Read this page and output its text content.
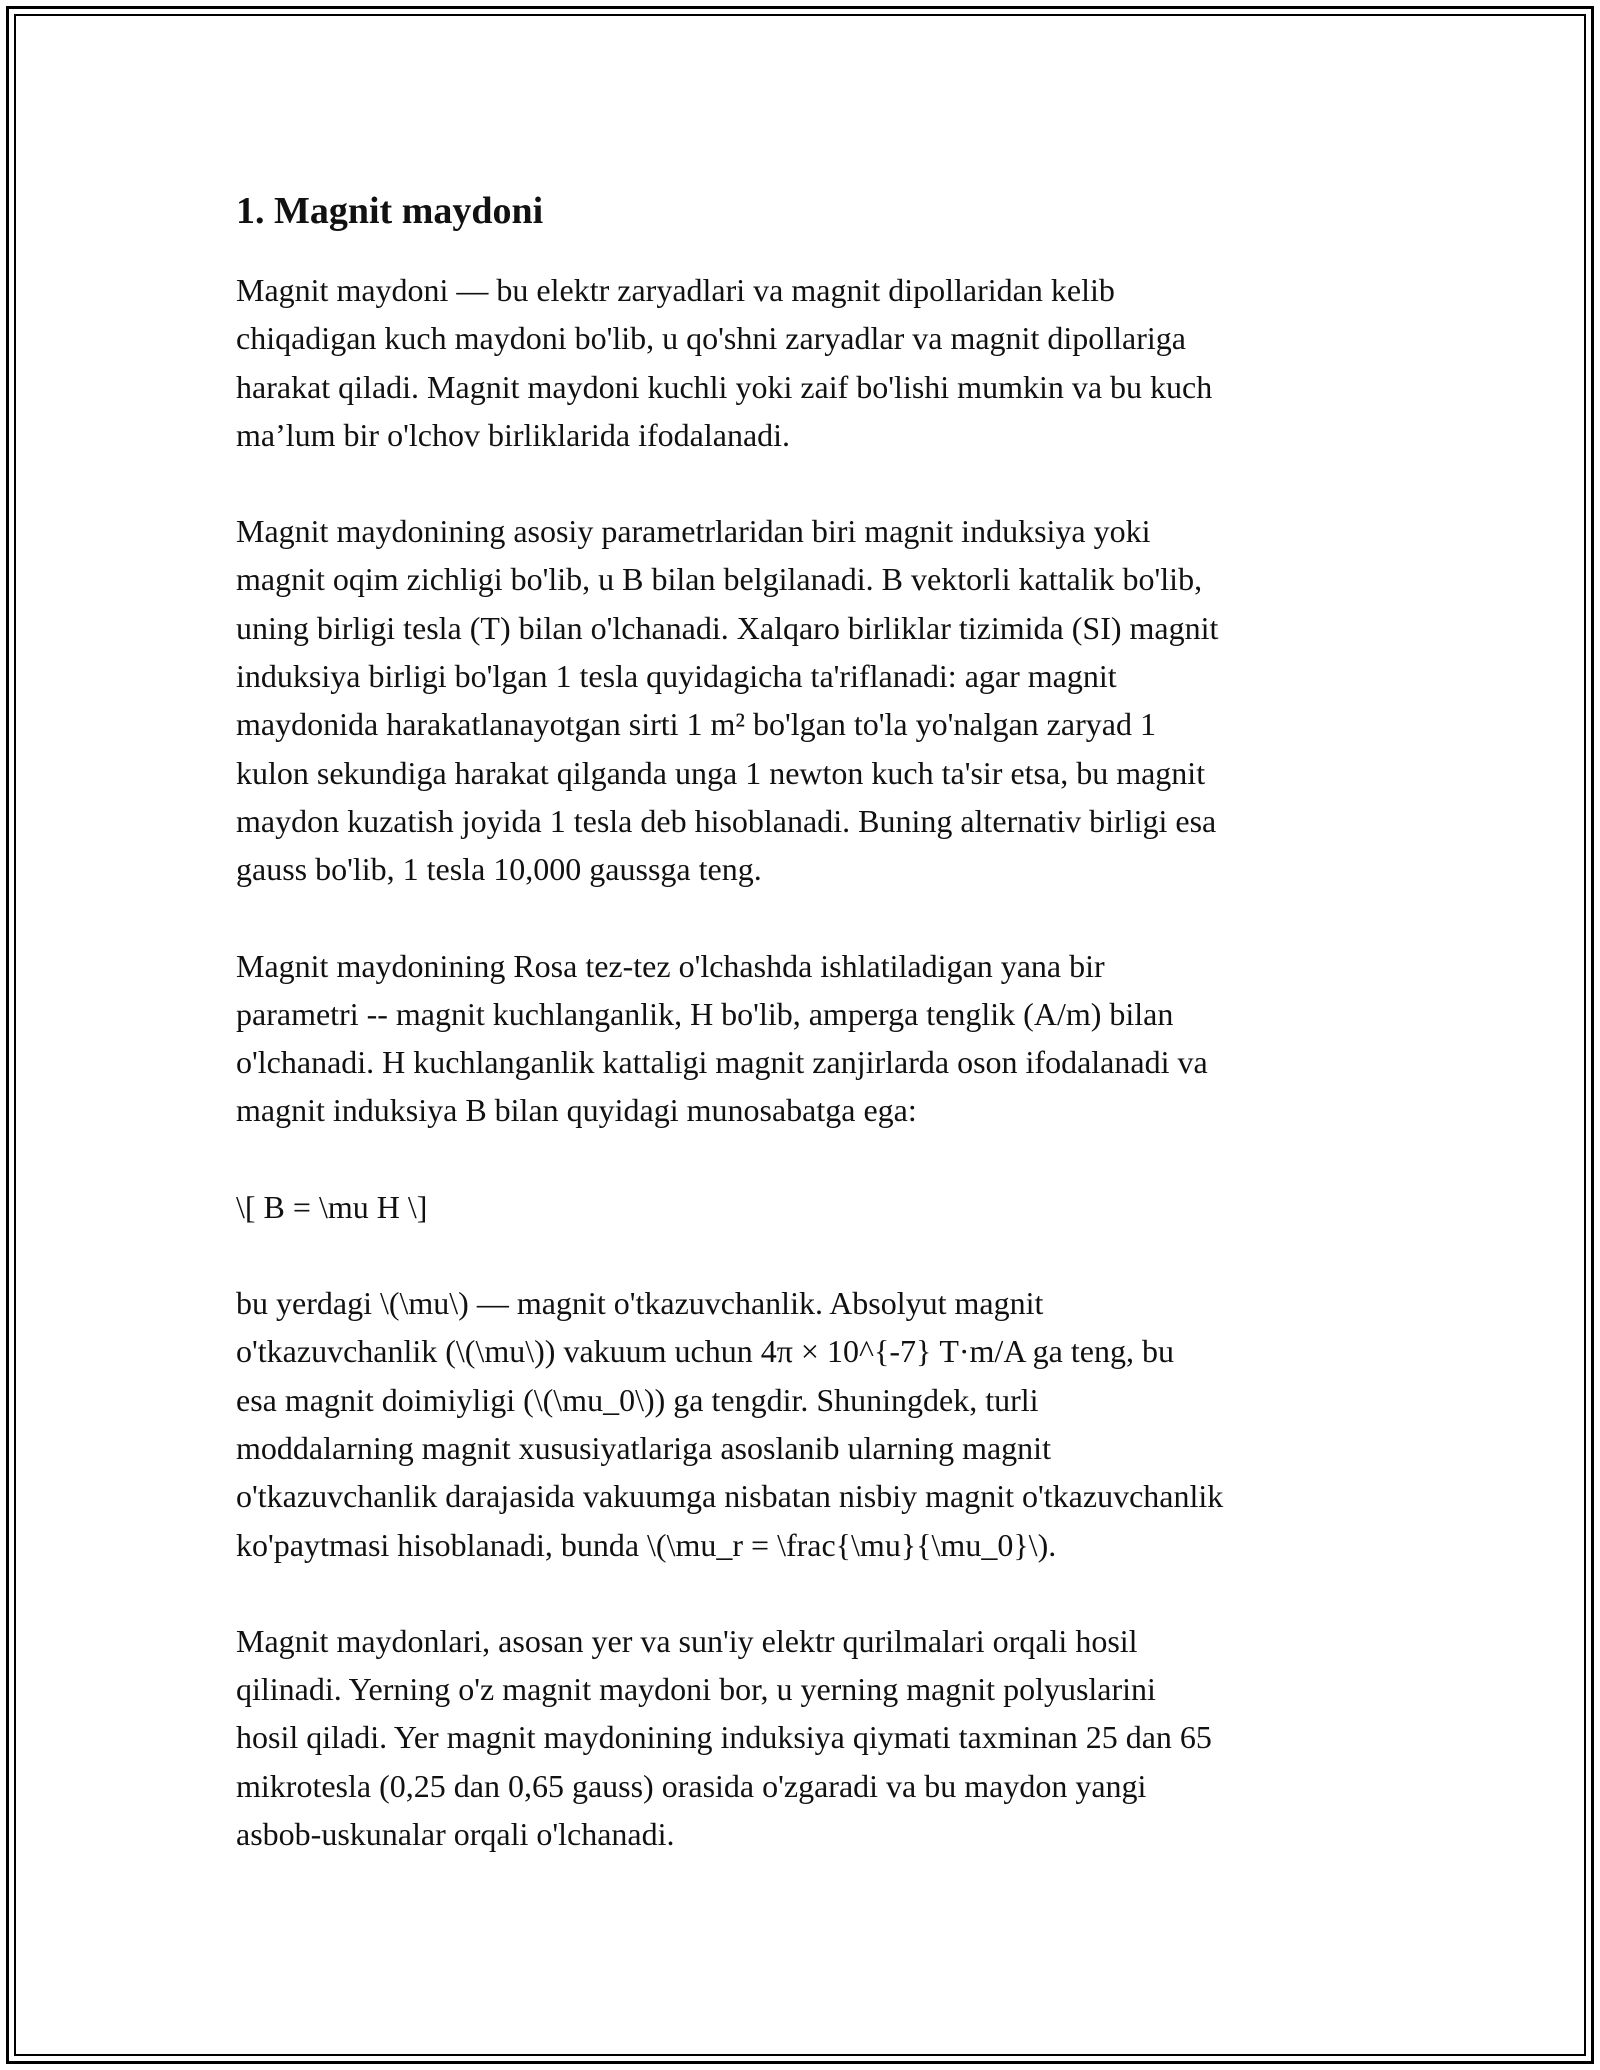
1. Magnit maydoni

Magnit maydoni — bu elektr zaryadlari va magnit dipollaridan kelib
chiqadigan kuch maydoni bo'lib, u qo'shni zaryadlar va magnit dipollariga
harakat qiladi. Magnit maydoni kuchli yoki zaif bo'lishi mumkin va bu kuch
ma’lum bir o'lchov birliklarida ifodalanadi.

Magnit maydonining asosiy parametrlaridan biri magnit induksiya yoki
magnit oqim zichligi bo'lib, u B bilan belgilanadi. B vektorli kattalik bo'lib,
uning birligi tesla (T) bilan o'lchanadi. Xalqaro birliklar tizimida (SI) magnit
induksiya birligi bo'lgan 1 tesla quyidagicha ta'riflanadi: agar magnit
maydonida harakatlanayotgan sirti 1 m² bo'lgan to'la yo'nalgan zaryad 1
kulon sekundiga harakat qilganda unga 1 newton kuch ta'sir etsa, bu magnit
maydon kuzatish joyida 1 tesla deb hisoblanadi. Buning alternativ birligi esa
gauss bo'lib, 1 tesla 10,000 gaussga teng.

Magnit maydonining Rosa tez-tez o'lchashda ishlatiladigan yana bir
parametri -- magnit kuchlanganlik, H bo'lib, amperga tenglik (A/m) bilan
o'lchanadi. H kuchlanganlik kattaligi magnit zanjirlarda oson ifodalanadi va
magnit induksiya B bilan quyidagi munosabatga ega:

\[ B = \mu H \]

bu yerdagi \(\mu\) — magnit o'tkazuvchanlik. Absolyut magnit
o'tkazuvchanlik (\(\mu\)) vakuum uchun 4π × 10^{-7} T·m/A ga teng, bu
esa magnit doimiyligi (\(\mu_0\)) ga tengdir. Shuningdek, turli
moddalarning magnit xususiyatlariga asoslanib ularning magnit
o'tkazuvchanlik darajasida vakuumga nisbatan nisbiy magnit o'tkazuvchanlik
ko'paytmasi hisoblanadi, bunda \(\mu_r = \frac{\mu}{\mu_0}\).

Magnit maydonlari, asosan yer va sun'iy elektr qurilmalari orqali hosil
qilinadi. Yerning o'z magnit maydoni bor, u yerning magnit polyuslarini
hosil qiladi. Yer magnit maydonining induksiya qiymati taxminan 25 dan 65
mikrotesla (0,25 dan 0,65 gauss) orasida o'zgaradi va bu maydon yangi
asbob-uskunalar orqali o'lchanadi.
